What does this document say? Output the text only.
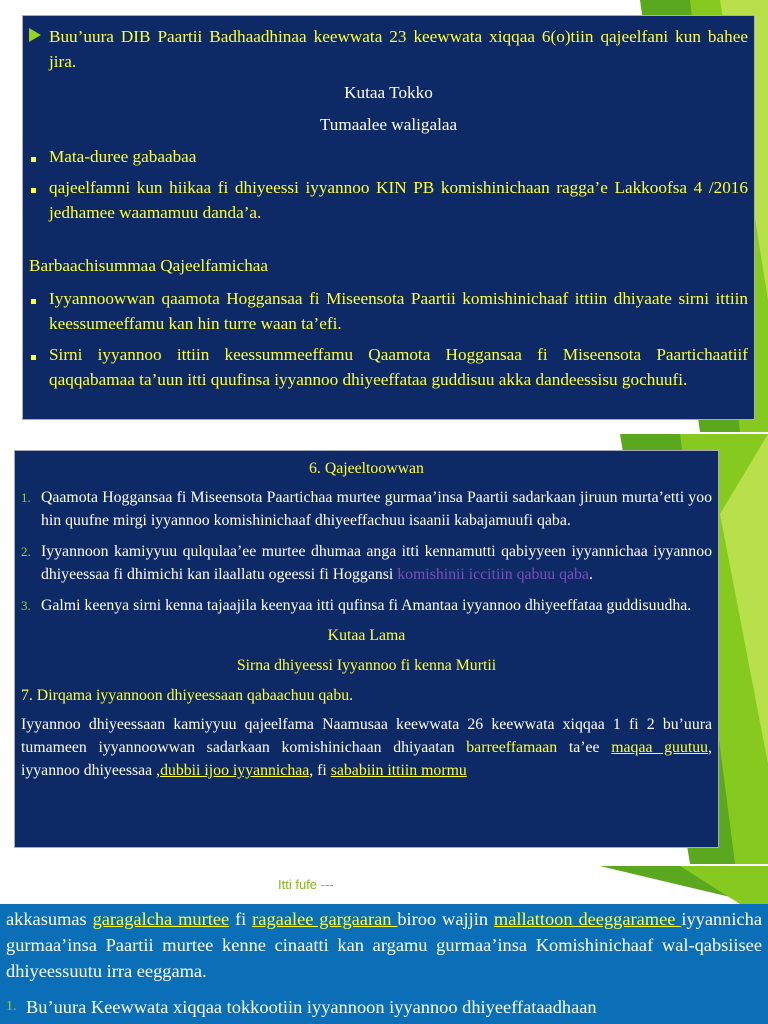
Buu’uura DIB Paartii Badhaadhinaa keewwata 23 keewwata xiqqaa 6(o)tiin qajeelfani kun bahee jira.
Kutaa Tokko
Tumaalee waligalaa
Mata-duree gabaabaa
qajeelfamni kun hiikaa fi dhiyeessi iyyannoo KIN PB komishinichaan ragga’e Lakkoofsa 4 /2016 jedhamee waamamuu danda’a.
Barbaachisummaa Qajeelfamichaa
Iyyannoowwan qaamota Hoggansaa fi Miseensota Paartii komishinichaaf ittiin dhiyaate sirni ittiin keessumeeffamu kan hin turre waan ta’efi.
Sirni iyyannoo ittiin keessummeeffamu Qaamota Hoggansaa fi Miseensota Paartichaatiif qaqqabamaa ta’uun itti quufinsa iyyannoo dhiyeeffataa guddisuu akka dandeessisu gochuufi.
6. Qajeeltoowwan
1. Qaamota Hoggansaa fi Miseensota Paartichaa murtee gurmaa’insa Paartii sadarkaan jiruun murta’etti yoo hin quufne mirgi iyyannoo komishinichaaf dhiyeeffachuu isaanii kabajamuufi qaba.
2. Iyyannoon kamiyyuu qulqulaa’ee murtee dhumaa anga itti kennamutti qabiyyeen iyyannichaa iyyannoo dhiyeessaa fi dhimichi kan ilaallatu ogeessi fi Hoggansi komishinii iccitiin qabuu qaba.
3. Galmi keenya sirni kenna tajaajila keenyaa itti qufinsa fi Amantaa iyyannoo dhiyeeffataa guddisuudha.
Kutaa Lama
Sirna dhiyeessi Iyyannoo fi kenna Murtii
7. Dirqama iyyannoon dhiyeessaan qabaachuu qabu.
Iyyannoo dhiyeessaan kamiyyuu qajeelfama Naamusaa keewwata 26 keewwata xiqqaa 1 fi 2 bu’uura tumameen iyyannoowwan sadarkaan komishinichaan dhiyaatan barreeffamaan ta’ee maqaa guutuu, iyyannoo dhiyeessaa ,dubbii ijoo iyyannichaa, fi sababiin ittiin mormu
Itti fufe ---
akkasumas garagalcha murtee fi ragaalee gargaaran biroo wajjin mallattoon deeggaramee iyyannicha gurmaa’insa Paartii murtee kenne cinaatti kan argamu gurmaa’insa Komishinichaaf wal-qabsiisee dhiyeessuutu irra eeggama.
1. Bu’uura Keewwata xiqqaa tokkootiin iyyannoon iyyannoo dhiyeeffataadhaan
